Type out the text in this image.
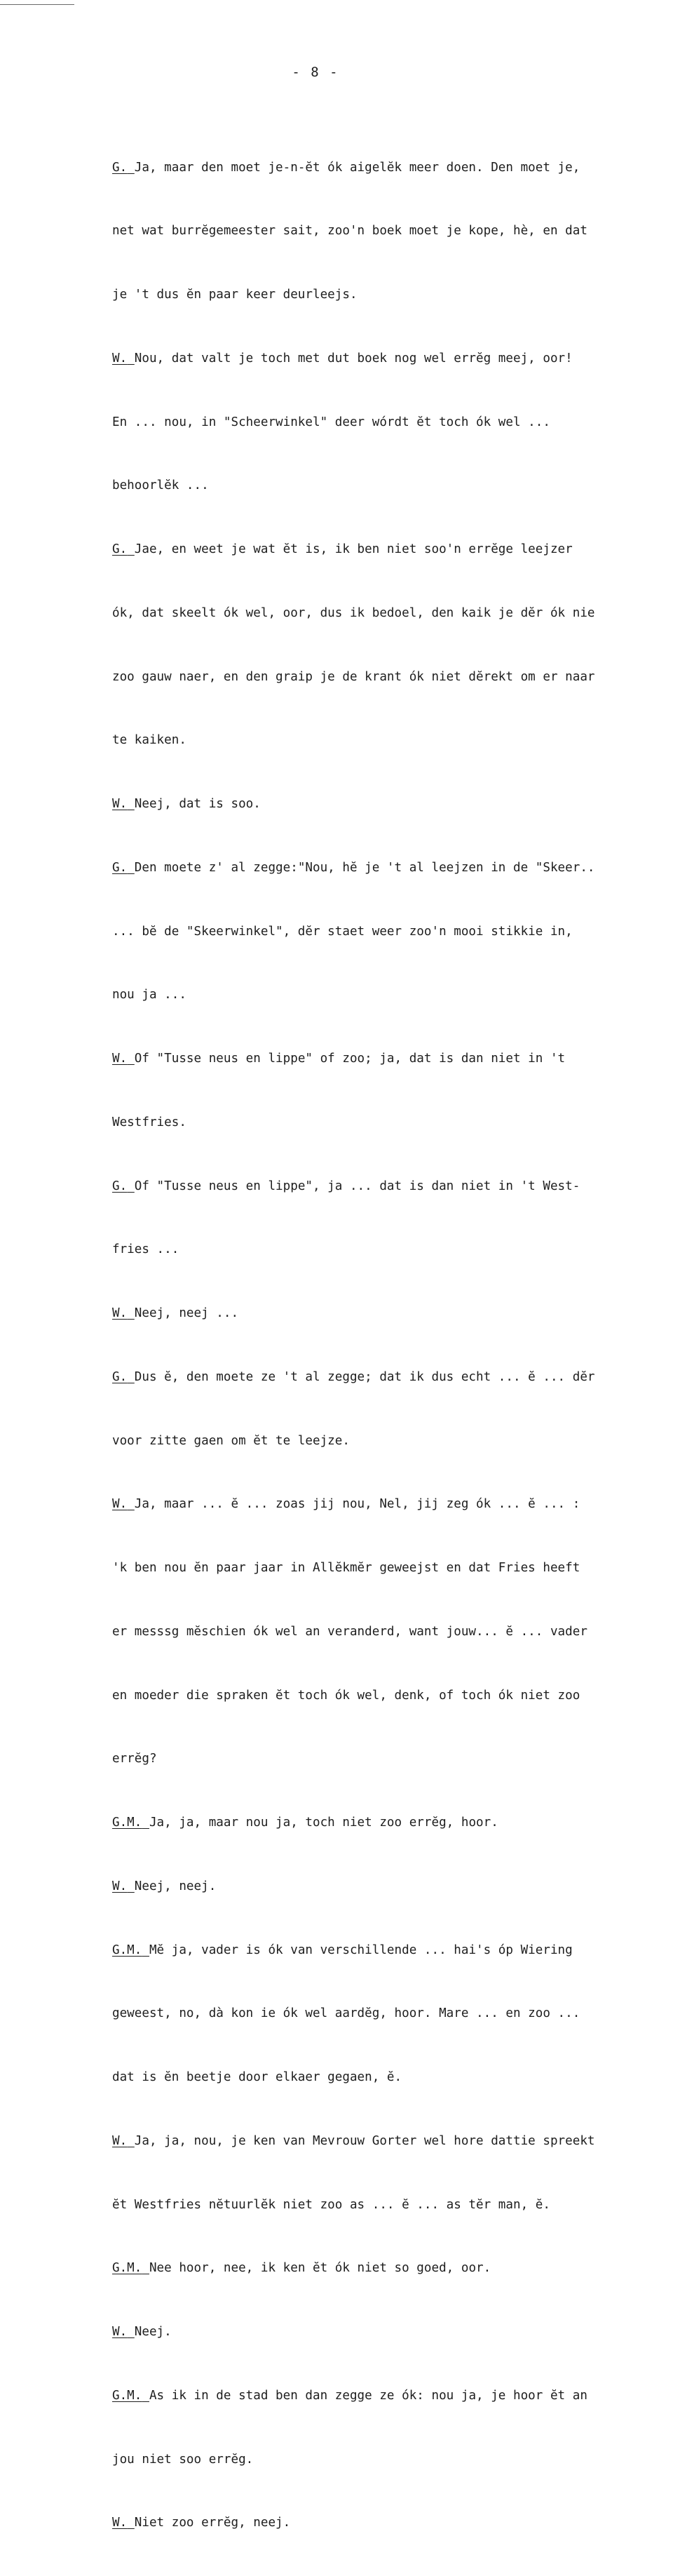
- 8 -

G. Ja, maar den moet je-n-ĕt ók aigelĕk meer doen. Den moet je,

net wat burrĕgemeester sait, zoo'n boek moet je kope, hè, en dat

je 't dus ĕn paar keer deurleejs.

W. Nou, dat valt je toch met dut boek nog wel errĕg meej, oor!

En ... nou, in "Scheerwinkel" deer wórdt ĕt toch ók wel ...

behoorlĕk ...

G. Jae, en weet je wat ĕt is, ik ben niet soo'n errĕge leejzer

ók, dat skeelt ók wel, oor, dus ik bedoel, den kaik je dĕr ók nie

zoo gauw naer, en den graip je de krant ók niet dĕrekt om er naar

te kaiken.

W. Neej, dat is soo.

G. Den moete z' al zegge:"Nou, hĕ je 't al leejzen in de "Skeer..

... bĕ de "Skeerwinkel", dĕr staet weer zoo'n mooi stikkie in,

nou ja ...

W. Of "Tusse neus en lippe" of zoo; ja, dat is dan niet in 't

Westfries.

G. Of "Tusse neus en lippe", ja ... dat is dan niet in 't West-

fries ...

W. Neej, neej ...

G. Dus ĕ, den moete ze 't al zegge; dat ik dus echt ... ĕ ... dĕr

voor zitte gaen om ĕt te leejze.

W. Ja, maar ... ĕ ... zoas jij nou, Nel, jij zeg ók ... ĕ ... :

'k ben nou ĕn paar jaar in Allĕkmĕr geweejst en dat Fries heeft

er messsg mĕschien ók wel an veranderd, want jouw... ĕ ... vader

en moeder die spraken ĕt toch ók wel, denk, of toch ók niet zoo

errĕg?

G.M. Ja, ja, maar nou ja, toch niet zoo errĕg, hoor.

W. Neej, neej.

G.M. Mĕ ja, vader is ók van verschillende ... hai's óp Wiering

geweest, no, dà kon ie ók wel aardĕg, hoor. Mare ... en zoo ...

dat is ĕn beetje door elkaer gegaen, ĕ.

W. Ja, ja, nou, je ken van Mevrouw Gorter wel hore dattie spreekt

ĕt Westfries nĕtuurlĕk niet zoo as ... ĕ ... as tĕr man, ĕ.

G.M. Nee hoor, nee, ik ken ĕt ók niet so goed, oor.

W. Neej.

G.M. As ik in de stad ben dan zegge ze ók: nou ja, je hoor ĕt an

jou niet soo errĕg.

W. Niet zoo errĕg, neej.
